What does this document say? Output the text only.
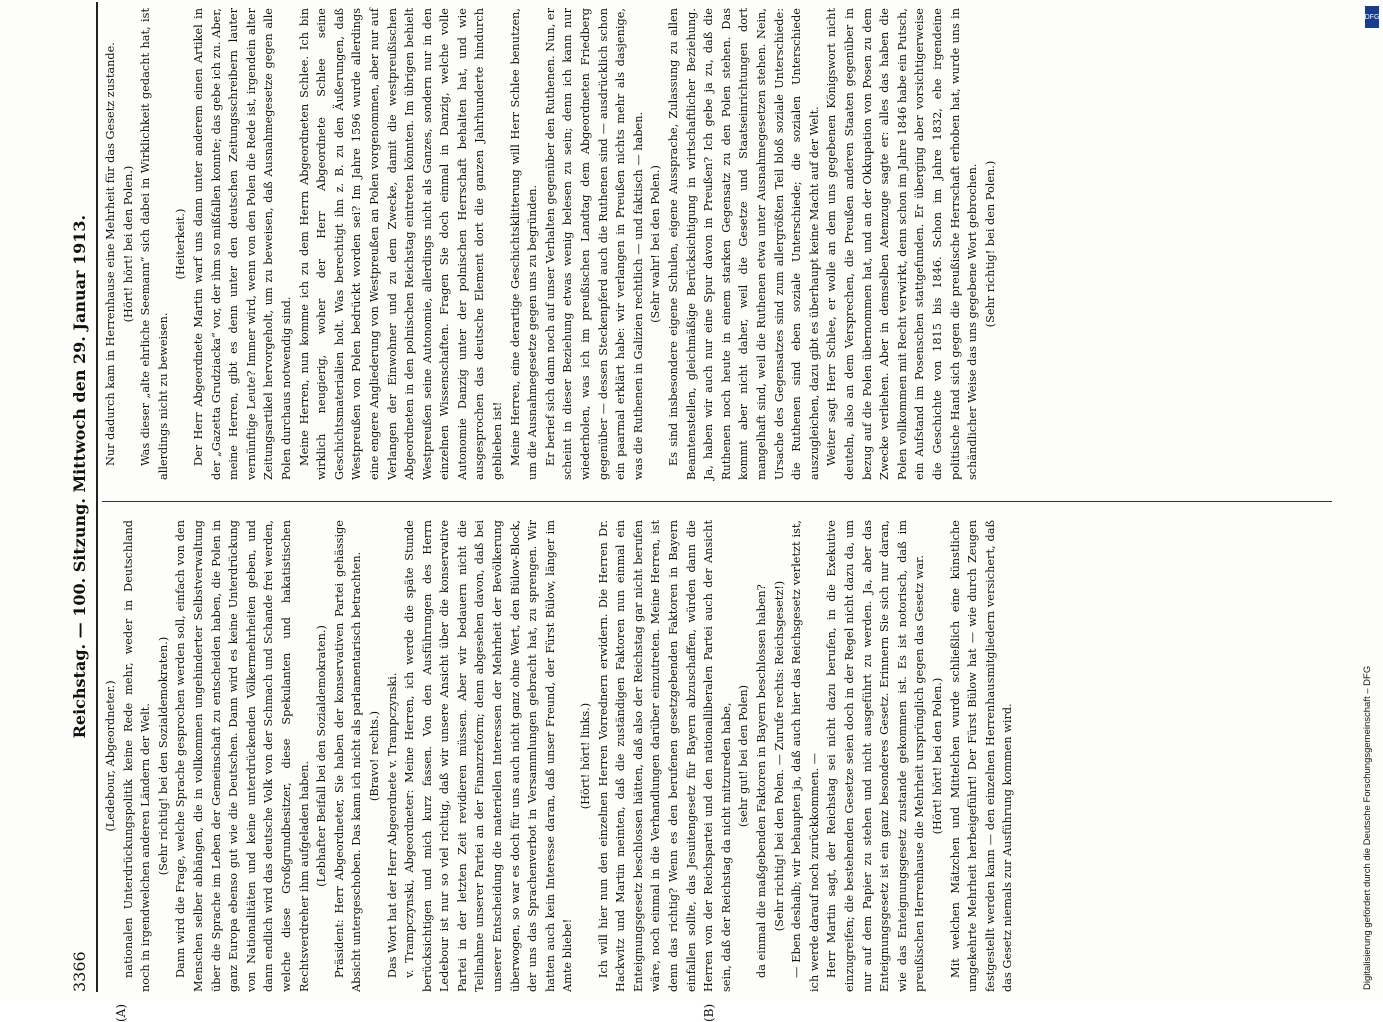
3366
Reichstag. — 100. Sitzung. Mittwoch den 29. Januar 1913.

(Ledebour, Abgeordneter.) nationalen Unterdrückungspolitik keine Rede mehr, weder in Deutschland noch in irgendwelchen anderen Ländern der Welt. (Sehr richtig! bei den Sozialdemokraten.) Dann wird die Frage, welche Sprache gesprochen werden soll, einfach von den Menschen selber abhängen, die in vollkommen ungehinderter Selbstverwaltung über die Sprache im Leben der Gemeinschaft zu entscheiden haben, die Polen in ganz Europa ebenso gut wie die Deutschen. Dann wird es keine Unterdrückung von Nationalitäten und keine unterdrückenden Völkermehrheiten geben, und dann endlich wird das deutsche Volk von der Schmach und Schande frei werden, welche diese Großgrundbesitzer, diese Spekulanten und hakatistischen Rechtsverdreher ihm aufgeladen haben. (Lebhafter Beifall bei den Sozialdemokraten.) Präsident: Herr Abgeordneter, Sie haben der konservativen Partei gehässige Absicht untergeschoben. Das kann ich nicht als parlamentarisch betrachten. (Bravo! rechts.) Das Wort hat der Herr Abgeordnete v. Trampczynski. v. Trampczynski, Abgeordneter: Meine Herren, ich werde die späte Stunde berücksichtigen und mich kurz fassen. Von den Ausführungen des Herrn Ledebour ist nur so viel richtig, daß wir unsere Ansicht über die konservative Partei in der letzten Zeit revidieren müssen. Aber wir bedauern nicht die Teilnahme unserer Partei an der Finanzreform; denn abgesehen davon, daß bei unserer Entscheidung die materiellen Interessen der Mehrheit der Bevölkerung überwogen, so war es doch für uns auch nicht ganz ohne Wert, den Bülow-Block, der uns das Sprachenverbot in Versammlungen gebracht hat, zu sprengen. Wir hatten auch kein Interesse daran, daß unser Freund, der Fürst Bülow, länger im Amte bliebe!

(Hört! hört! links.) Ich will hier nun den einzelnen Herren Vorrednern erwidern. Die Herren Dr. Hackwitz und Martin meinten, daß die zuständigen Faktoren nun einmal ein Enteignungsgesetz beschlossen hätten, daß also der Reichstag gar nicht berufen wäre, noch einmal in die Verhandlungen darüber einzutreten. Meine Herren, ist denn das richtig? Wenn es den berufenen gesetzgebenden Faktoren in Bayern einfallen sollte, das Jesuitengesetz für Bayern abzuschaffen, würden dann die Herren von der Reichspartei und den nationalliberalen Partei auch der Ansicht sein, daß der Reichstag da nicht mitzureden habe, (sehr gut! bei den Polen) da einmal die maßgebenden Faktoren in Bayern beschlossen haben? (Sehr richtig! bei den Polen. — Zurufe rechts: Reichsgesetz!) — Eben deshalb; wir behaupten ja, daß auch hier das Reichsgesetz verletzt ist, ich werde darauf noch zurückkommen. — Herr Martin sagt, der Reichstag sei nicht dazu berufen, in die Exekutive einzugreifen; die bestehenden Gesetze seien doch in der Regel nicht dazu da, um nur auf dem Papier zu stehen und nicht ausgeführt zu werden. Ja, aber das Enteignungsgesetz ist ein ganz besonderes Gesetz. Erinnern Sie sich nur daran, wie das Enteignungsgesetz zustande gekommen ist. Es ist notorisch, daß im preußischen Herrenhause die Mehrheit ursprünglich gegen das Gesetz war. (Hört! hört! bei den Polen.) Mit welchen Mätzchen und Mittelchen wurde schließlich eine künstliche umgekehrte Mehrheit herbeigeführt! Der Fürst Bülow hat — wie durch Zeugen festgestellt werden kann — den einzelnen Herrenhausmitgliedern versichert, daß das Gesetz niemals zur Ausführung kommen wird.

Nur dadurch kam in Herrenhause eine Mehrheit für das Gesetz zustande. (Hört! hört! bei den Polen.) Was dieser „alte ehrliche Seemann“ sich dabei in Wirklichkeit gedacht hat, ist allerdings nicht zu beweisen.

(Heiterkeit.) Der Herr Abgeordnete Martin warf uns dann unter anderem einen Artikel in der „Gazetta Grudziacka“ vor, der ihm so mißfallen konnte; das gebe ich zu. Aber, meine Herren, gibt es denn unter den deutschen Zeitungsschreibern lauter vernünftige Leute? Immer wird, wenn von den Polen die Rede ist, irgendein alter Zeitungsartikel hervorgeholt, um zu beweisen, daß Ausnahmegesetze gegen alle Polen durchaus notwendig sind. Meine Herren, nun komme ich zu dem Herrn Abgeordneten Schlee. Ich bin wirklich neugierig, woher der Herr Abgeordnete Schlee seine Geschichtsmaterialien holt. Was berechtigt ihn z. B. zu den Äußerungen, daß Westpreußen von Polen bedrückt worden sei? Im Jahre 1596 wurde allerdings eine engere Angliederung von Westpreußen an Polen vorgenommen, aber nur auf Verlangen der Einwohner und zu dem Zwecke, damit die westpreußischen Abgeordneten in den polnischen Reichstag eintreten könnten. Im übrigen behielt Westpreußen seine Autonomie, allerdings nicht als Ganzes, sondern nur in den einzelnen Wissenschaften. Fragen Sie doch einmal in Danzig, welche volle Autonomie Danzig unter der polnischen Herrschaft behalten hat, und wie ausgesprochen das deutsche Element dort die ganzen Jahrhunderte hindurch geblieben ist! Meine Herren, eine derartige Geschichtsklitterung will Herr Schlee benutzen, um die Ausnahmegesetze gegen uns zu begründen. Er berief sich dann noch auf unser Verhalten gegenüber den Ruthenen. Nun, er scheint in dieser Beziehung etwas wenig belesen zu sein; denn ich kann nur wiederholen, was ich im preußischen Landtag dem Abgeordneten Friedberg gegenüber — dessen Steckenpferd auch die Ruthenen sind — ausdrücklich schon ein paarmal erklärt habe: wir verlangen in Preußen nichts mehr als dasjenige, was die Ruthenen in Galizien rechtlich — und faktisch — haben. (Sehr wahr! bei den Polen.) Es sind insbesondere eigene Schulen, eigene Aussprache, Zulassung zu allen Beamtenstellen, gleichmäßige Berücksichtigung in wirtschaftlicher Beziehung. Ja, haben wir auch nur eine Spur davon in Preußen? Ich gebe ja zu, daß die Ruthenen noch heute in einem starken Gegensatz zu den Polen stehen. Das kommt aber nicht daher, weil die Gesetze und Staatseinrichtungen dort mangelhaft sind, weil die Ruthenen etwa unter Ausnahmegesetzen stehen. Nein, Ursache des Gegensatzes sind zum allergrößten Teil bloß soziale Unterschiede: die Ruthenen sind eben soziale Unterschiede; die sozialen Unterschiede auszugleichen, dazu gibt es überhaupt keine Macht auf der Welt. Weiter sagt Herr Schlee, er wolle an dem uns gegebenen Königswort nicht deuteln, also an dem Versprechen, die Preußen anderen Staaten gegenüber in bezug auf die Polen übernommen hat, und an der Okkupation von Posen zu dem Zwecke verliehen. Aber in demselben Atemzuge sagte er: alles das haben die Polen vollkommen mit Recht verwirkt, denn schon im Jahre 1846 habe ein Putsch, ein Aufstand im Posenschen stattgefunden. Er überging aber vorsichtigerweise die Geschichte von 1815 bis 1846. Schon im Jahre 1832, ehe irgendeine politische Hand sich gegen die preußische Herrschaft erhoben hat, wurde uns in schändlicher Weise das uns gegebene Wort gebrochen. (Sehr richtig! bei den Polen.)

(A)	(B)
DFG
Digitalisierung gefördert durch die Deutsche Forschungsgemeinschaft – DFG
